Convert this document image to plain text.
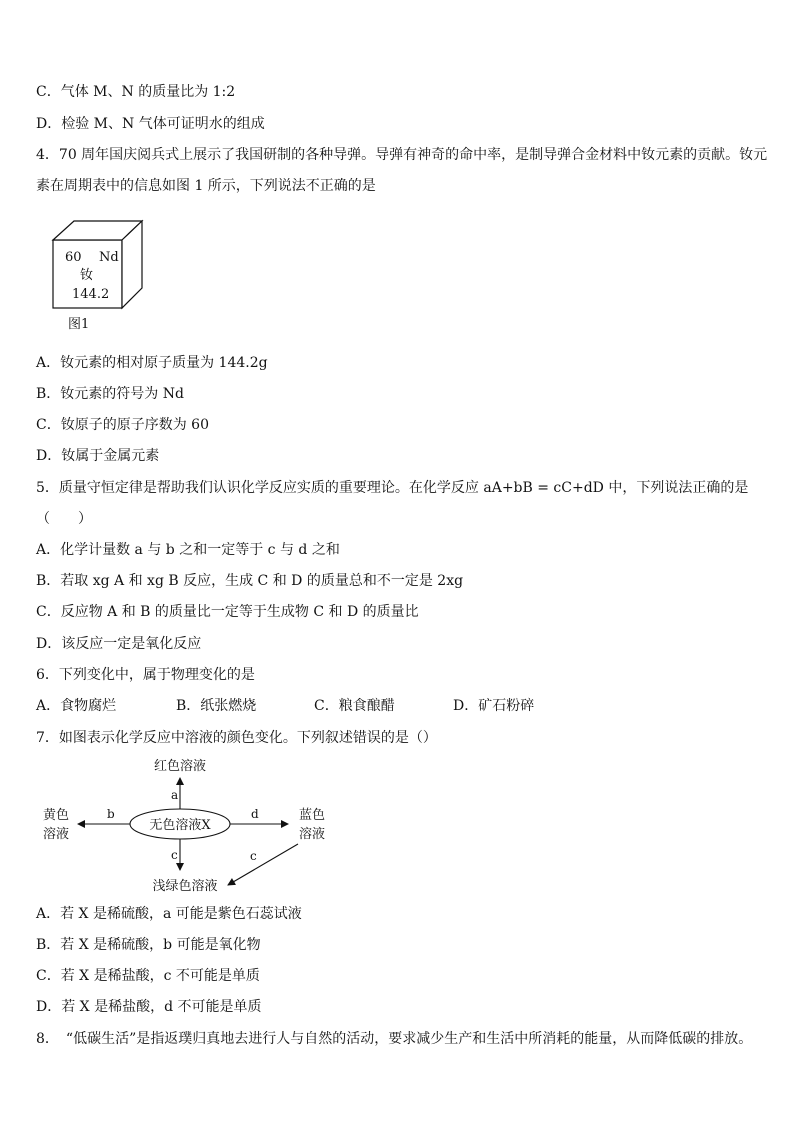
C．气体 M、N 的质量比为 1:2
D．检验 M、N 气体可证明水的组成
4．70 周年国庆阅兵式上展示了我国研制的各种导弹。导弹有神奇的命中率，是制导弹合金材料中钕元素的贡献。钕元
素在周期表中的信息如图 1 所示，下列说法不正确的是
60 Nd
钕
144.2
图1
A．钕元素的相对原子质量为 144.2g
B．钕元素的符号为 Nd
C．钕原子的原子序数为 60
D．钕属于金属元素
5．质量守恒定律是帮助我们认识化学反应实质的重要理论。在化学反应 aA+bB = cC+dD 中，下列说法正确的是
（　　）
A．化学计量数 a 与 b 之和一定等于 c 与 d 之和
B．若取 xg A 和 xg B 反应，生成 C 和 D 的质量总和不一定是 2xg
C．反应物 A 和 B 的质量比一定等于生成物 C 和 D 的质量比
D．该反应一定是氧化反应
6．下列变化中，属于物理变化的是
A．食物腐烂	B．纸张燃烧	C．粮食酿醋	D．矿石粉碎
7．如图表示化学反应中溶液的颜色变化。下列叙述错误的是（）
无色溶液X
a
红色溶液
b
黄色
溶液
d	蓝色
溶液
c	c
浅绿色溶液
A．若 X 是稀硫酸，a 可能是紫色石蕊试液
B．若 X 是稀硫酸，b 可能是氧化物
C．若 X 是稀盐酸，c 不可能是单质
D．若 X 是稀盐酸，d 不可能是单质
8．　“低碳生活”是指返璞归真地去进行人与自然的活动，要求减少生产和生活中所消耗的能量，从而降低碳的排放。
